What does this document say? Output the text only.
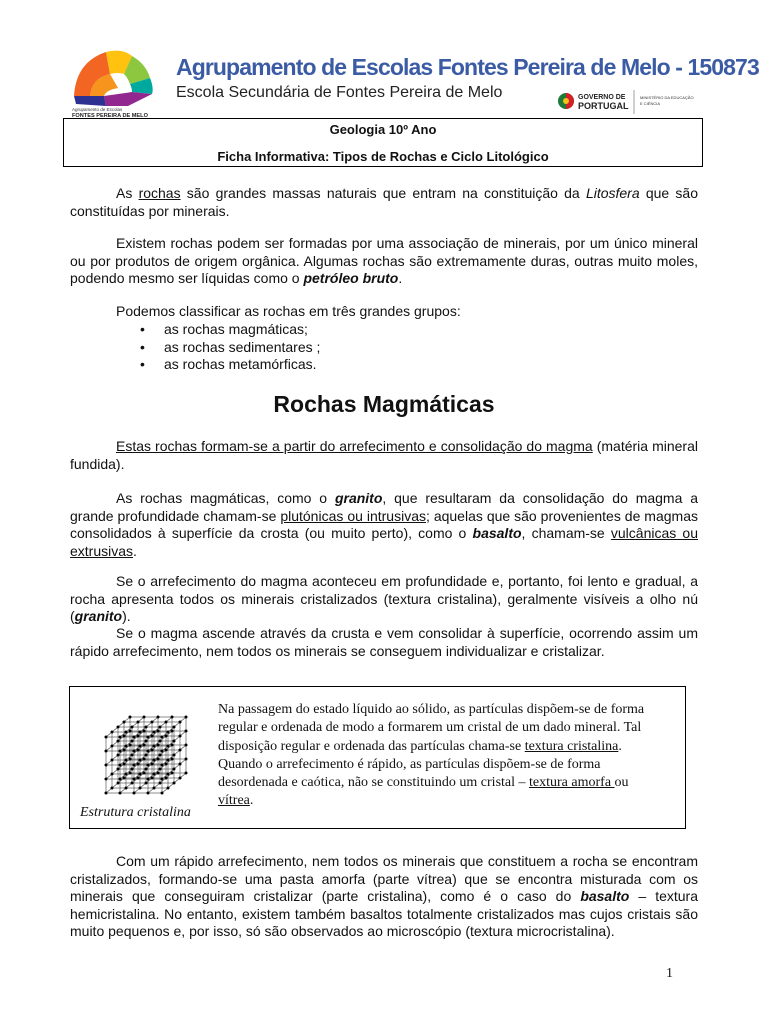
Agrupamento de Escolas
FONTES PEREIRA DE MELO
Agrupamento de Escolas Fontes Pereira de Melo - 150873
Escola Secundária de Fontes Pereira de Melo	GOVERNO DE
PORTUGAL
MINISTÉRIO DA EDUCAÇÃO
E CIÊNCIA
Geologia 10º Ano
Ficha Informativa: Tipos de Rochas e Ciclo Litológico
As rochas são grandes massas naturais que entram na constituição da Litosfera que são constituídas por minerais.
Existem rochas podem ser formadas por uma associação de minerais, por um único mineral ou por produtos de origem orgânica. Algumas rochas são extremamente duras, outras muito moles, podendo mesmo ser líquidas como o petróleo bruto.
Podemos classificar as rochas em três grandes grupos:
• as rochas magmáticas;
• as rochas sedimentares ;
• as rochas metamórficas.
Rochas Magmáticas
Estas rochas formam-se a partir do arrefecimento e consolidação do magma (matéria mineral fundida).
As rochas magmáticas, como o granito, que resultaram da consolidação do magma a grande profundidade chamam-se plutónicas ou intrusivas; aquelas que são provenientes de magmas consolidados à superfície da crosta (ou muito perto), como o basalto, chamam-se vulcânicas ou extrusivas.
Se o arrefecimento do magma aconteceu em profundidade e, portanto, foi lento e gradual, a rocha apresenta todos os minerais cristalizados (textura cristalina), geralmente visíveis a olho nú (granito).
Se o magma ascende através da crusta e vem consolidar à superfície, ocorrendo assim um rápido arrefecimento, nem todos os minerais se conseguem individualizar e cristalizar.
Estrutura cristalina
Na passagem do estado líquido ao sólido, as partículas dispõem-se de forma regular e ordenada de modo a formarem um cristal de um dado mineral. Tal disposição regular e ordenada das partículas chama-se textura cristalina. Quando o arrefecimento é rápido, as partículas dispõem-se de forma desordenada e caótica, não se constituindo um cristal – textura amorfa ou vítrea.
Com um rápido arrefecimento, nem todos os minerais que constituem a rocha se encontram cristalizados, formando-se uma pasta amorfa (parte vítrea) que se encontra misturada com os minerais que conseguiram cristalizar (parte cristalina), como é o caso do basalto – textura hemicristalina. No entanto, existem também basaltos totalmente cristalizados mas cujos cristais são muito pequenos e, por isso, só são observados ao microscópio (textura microcristalina).
1
